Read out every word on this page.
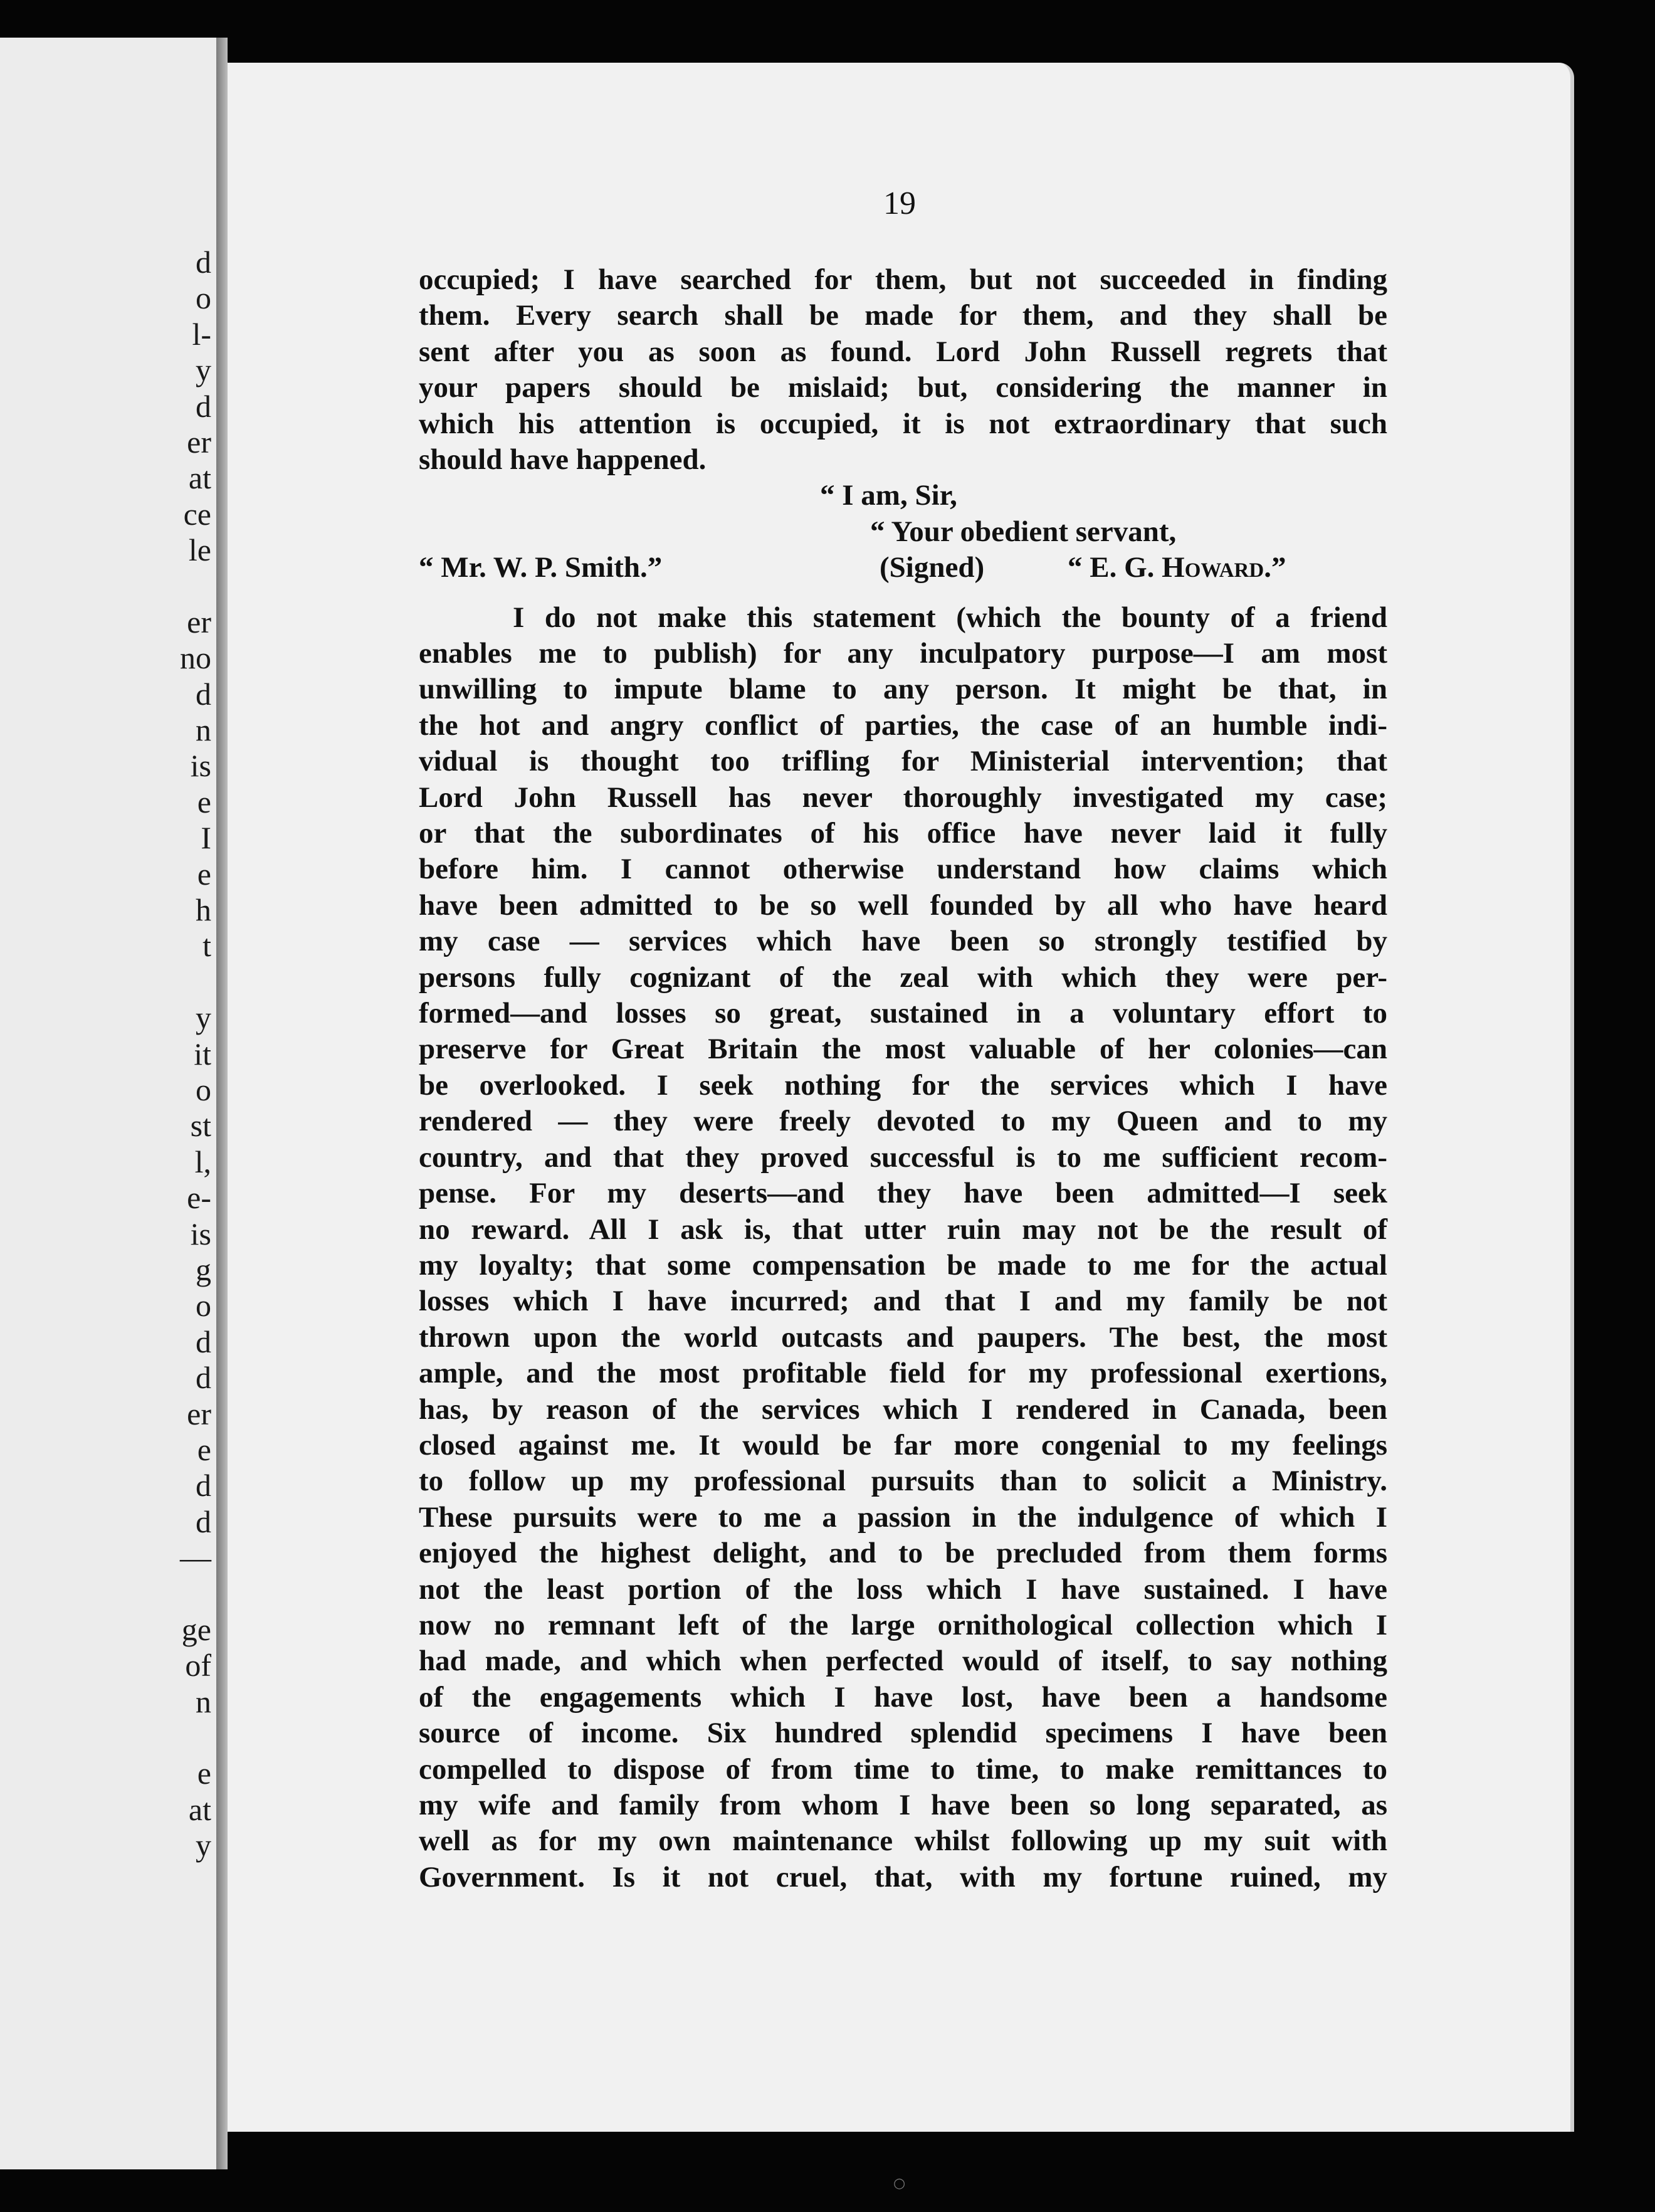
d
o
l-
y
d
er
at
ce
le
er
no
d
n
is
e
I
e
h
t
y
it
o
st
l,
e-
is
g
o
d
d
er
e
d
d
—
ge
of
n
e
at
y
19
occupied; I have searched for them, but not succeeded in finding
them. Every search shall be made for them, and they shall be
sent after you as soon as found. Lord John Russell regrets that
your papers should be mislaid; but, considering the manner in
which his attention is occupied, it is not extraordinary that such
should have happened.
“ I am, Sir,
“ Your obedient servant,
“ Mr. W. P. Smith.”	(Signed)	“ E. G. Howard.”
I do not make this statement (which the bounty of a friend
enables me to publish) for any inculpatory purpose—I am most
unwilling to impute blame to any person. It might be that, in
the hot and angry conflict of parties, the case of an humble indi-
vidual is thought too trifling for Ministerial intervention; that
Lord John Russell has never thoroughly investigated my case;
or that the subordinates of his office have never laid it fully
before him. I cannot otherwise understand how claims which
have been admitted to be so well founded by all who have heard
my case — services which have been so strongly testified by
persons fully cognizant of the zeal with which they were per-
formed—and losses so great, sustained in a voluntary effort to
preserve for Great Britain the most valuable of her colonies—can
be overlooked. I seek nothing for the services which I have
rendered — they were freely devoted to my Queen and to my
country, and that they proved successful is to me sufficient recom-
pense. For my deserts—and they have been admitted—I seek
no reward. All I ask is, that utter ruin may not be the result of
my loyalty; that some compensation be made to me for the actual
losses which I have incurred; and that I and my family be not
thrown upon the world outcasts and paupers. The best, the most
ample, and the most profitable field for my professional exertions,
has, by reason of the services which I rendered in Canada, been
closed against me. It would be far more congenial to my feelings
to follow up my professional pursuits than to solicit a Ministry.
These pursuits were to me a passion in the indulgence of which I
enjoyed the highest delight, and to be precluded from them forms
not the least portion of the loss which I have sustained. I have
now no remnant left of the large ornithological collection which I
had made, and which when perfected would of itself, to say nothing
of the engagements which I have lost, have been a handsome
source of income. Six hundred splendid specimens I have been
compelled to dispose of from time to time, to make remittances to
my wife and family from whom I have been so long separated, as
well as for my own maintenance whilst following up my suit with
Government. Is it not cruel, that, with my fortune ruined, my
○
